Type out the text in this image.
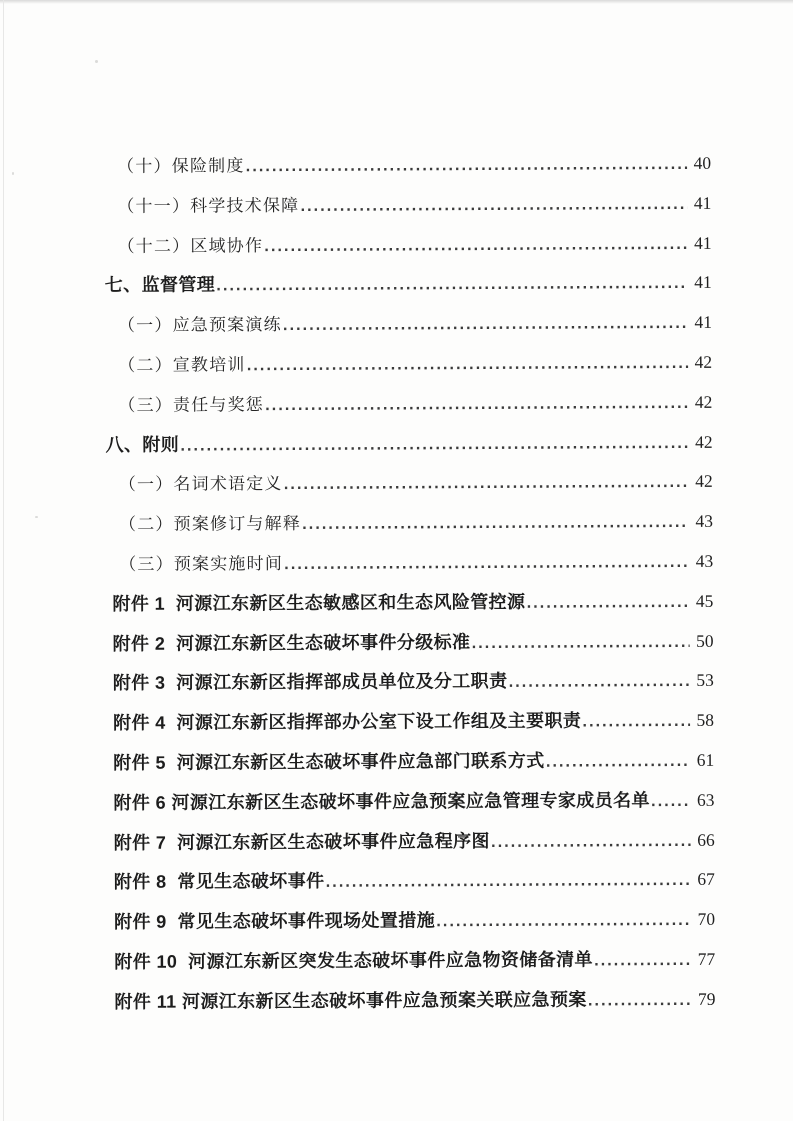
（十）保险制度 .....	40
（十一）科学技术保障 .....	41
（十二）区域协作 .....	41
七、监督管理 .....	41
（一）应急预案演练 .....	41
（二）宣教培训 .....	42
（三）责任与奖惩 .....	42
八、附则 .....	42
（一）名词术语定义 .....	42
（二）预案修订与解释 .....	43
（三）预案实施时间 .....	43
附件 1  河源江东新区生态敏感区和生态风险管控源 .....	45
附件 2  河源江东新区生态破坏事件分级标准 .....	50
附件 3  河源江东新区指挥部成员单位及分工职责 .....	53
附件 4  河源江东新区指挥部办公室下设工作组及主要职责 .....	58
附件 5  河源江东新区生态破坏事件应急部门联系方式 .....	61
附件 6 河源江东新区生态破坏事件应急预案应急管理专家成员名单 .....	63
附件 7  河源江东新区生态破坏事件应急程序图 .....	66
附件 8  常见生态破坏事件 .....	67
附件 9  常见生态破坏事件现场处置措施 .....	70
附件 10  河源江东新区突发生态破坏事件应急物资储备清单 .....	77
附件 11 河源江东新区生态破坏事件应急预案关联应急预案 .....	79
